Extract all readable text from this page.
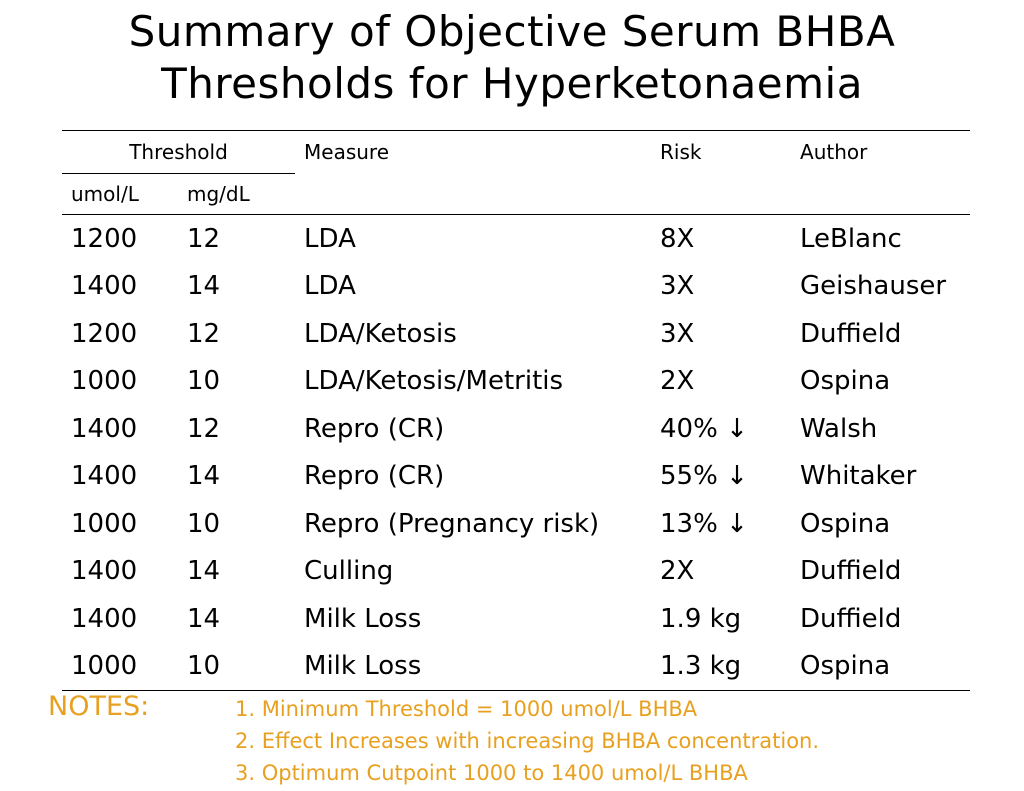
Summary of Objective Serum BHBA
Thresholds for Hyperketonaemia
Threshold		Measure	Risk	Author
umol/L	mg/dL			
1200	12	LDA	8X	LeBlanc
1400	14	LDA	3X	Geishauser
1200	12	LDA/Ketosis	3X	Duffield
1000	10	LDA/Ketosis/Metritis	2X	Ospina
1400	12	Repro (CR)	40% ↓	Walsh
1400	14	Repro (CR)	55% ↓	Whitaker
1000	10	Repro (Pregnancy risk)	13% ↓	Ospina
1400	14	Culling	2X	Duffield
1400	14	Milk Loss	1.9 kg	Duffield
1000	10	Milk Loss	1.3 kg	Ospina
NOTES:	1. Minimum Threshold = 1000 umol/L BHBA
2. Effect Increases with increasing BHBA concentration.
3. Optimum Cutpoint 1000 to 1400 umol/L BHBA
